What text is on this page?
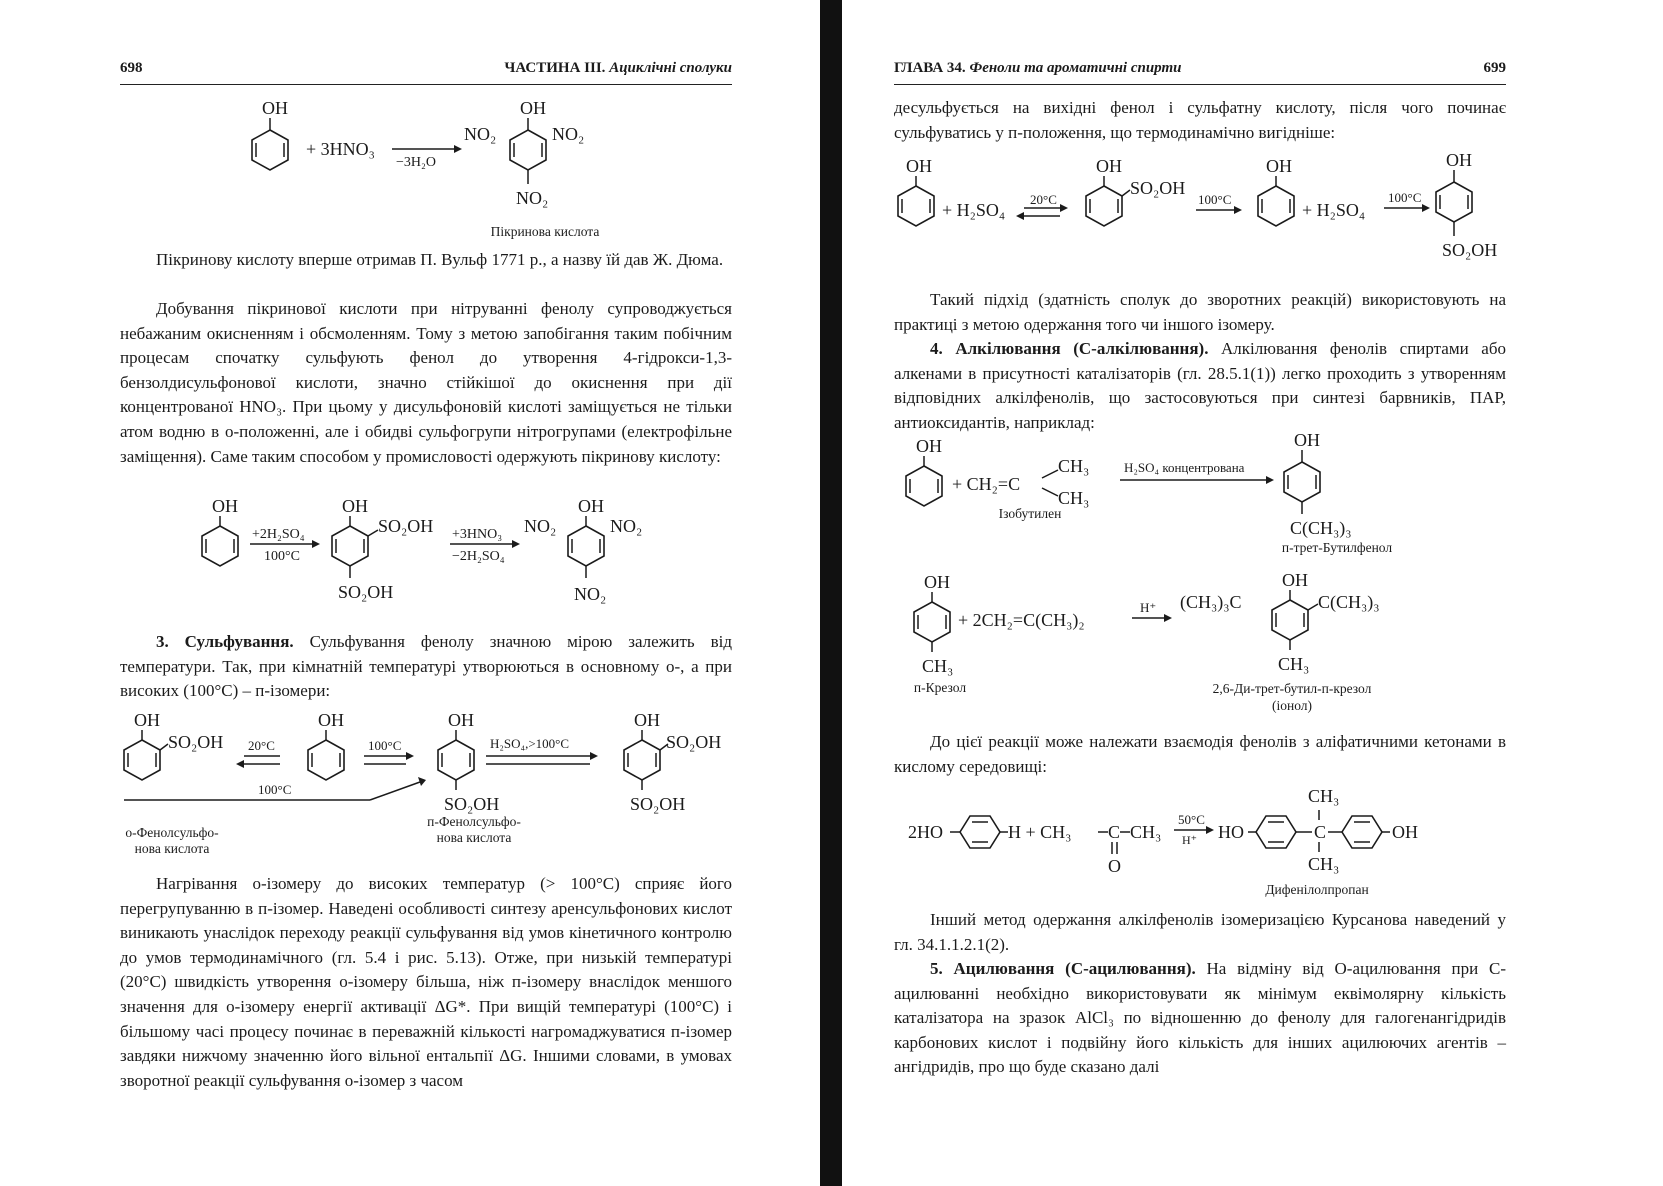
698	ЧАСТИНА III. Ациклічні сполуки
OH
+ 3HNO₃
−3H₂O
OH
NO₂	NO₂
NO₂
Пікринова кислота

Пікринову кислоту вперше отримав П. Вульф 1771 р., а назву їй дав Ж. Дюма.

Добування пікринової кислоти при нітруванні фенолу супроводжується небажаним окисненням і обсмоленням. Тому з метою запобігання таким побічним процесам спочатку сульфують фенол до утворення 4-гідрокси-1,3-бензолдисульфонової кислоти, значно стійкішої до окиснення при дії концентрованої HNO₃. При цьому у дисульфоновій кислоті заміщується не тільки атом водню в о-положенні, але і обидві сульфогрупи нітрогрупами (електрофільне заміщення). Саме таким способом у промисловості одержують пікринову кислоту:

OH
+2H₂SO₄
100°C
OH
SO₂OH
SO₂OH
+3HNO₃
−2H₂SO₄
OH
NO₂	NO₂
NO₂

3. Сульфування. Сульфування фенолу значною мірою залежить від температури. Так, при кімнатній температурі утворюються в основному о-, а при високих (100°С) – п-ізомери:

OH
SO₂OH 20°C
OH
100°C
OH
SO₂OH
H₂SO₄,>100°C
OH
SO₂OH
SO₂OH
100°C
о-Фенолсульфо-
нова кислота
п-Фенолсульфо-
нова кислота

Нагрівання о-ізомеру до високих температур (> 100°С) сприяє його перегрупуванню в п-ізомер. Наведені особливості синтезу аренсульфонових кислот виникають унаслідок переходу реакції сульфування від умов кінетичного контролю до умов термодинамічного (гл. 5.4 і рис. 5.13). Отже, при низькій температурі (20°С) швидкість утворення о-ізомеру більша, ніж п-ізомеру внаслідок меншого значення для о-ізомеру енергії активації ΔG*. При вищій температурі (100°С) і більшому часі процесу починає в переважній кількості нагромаджуватися п-ізомер завдяки нижчому значенню його вільної ентальпії ΔG. Іншими словами, в умовах зворотної реакції сульфування о-ізомер з часом

ГЛАВА 34. Феноли та ароматичні спирти	699

десульфується на вихідні фенол і сульфатну кислоту, після чого починає сульфуватись у п-положення, що термодинамічно вигідніше:

OH
+ H₂SO₄
20°C
OH
SO₂OH
100°C
OH
+ H₂SO₄
100°C
OH
SO₂OH

Такий підхід (здатність сполук до зворотних реакцій) використовують на практиці з метою одержання того чи іншого ізомеру.

4. Алкілювання (С-алкілювання). Алкілювання фенолів спиртами або алкенами в присутності каталізаторів (гл. 28.5.1(1)) легко проходить з утворенням відповідних алкілфенолів, що застосовуються при синтезі барвників, ПАР, антиоксидантів, наприклад:

OH
+ CH₂=C
CH₃
CH₃
H₂SO₄ концентрована
OH
C(CH₃)₃
Ізобутилен
п-трет-Бутилфенол
OH
CH₃
+ 2CH₂=C(CH₃)₂
H⁺ (CH₃)₃C
OH
C(CH₃)₃
CH₃
п-Крезол	2,6-Ди-трет-бутил-п-крезол
(іонол)

До цієї реакції може належати взаємодія фенолів з аліфатичними кетонами в кислому середовищі:

2HO	H + CH₃ C CH₃
O
50°C
H⁺ HO	C
CH₃
CH₃
OH
Дифенілолпропан

Інший метод одержання алкілфенолів ізомеризацією Курсанова наведений у гл. 34.1.1.2.1(2).

5. Ацилювання (С-ацилювання). На відміну від О-ацилювання при С-ацилюванні необхідно використовувати як мінімум еквімолярну кількість каталізатора на зразок AlCl₃ по відношенню до фенолу для галогенангідридів карбонових кислот і подвійну його кількість для інших ацилюючих агентів – ангідридів, про що буде сказано далі
